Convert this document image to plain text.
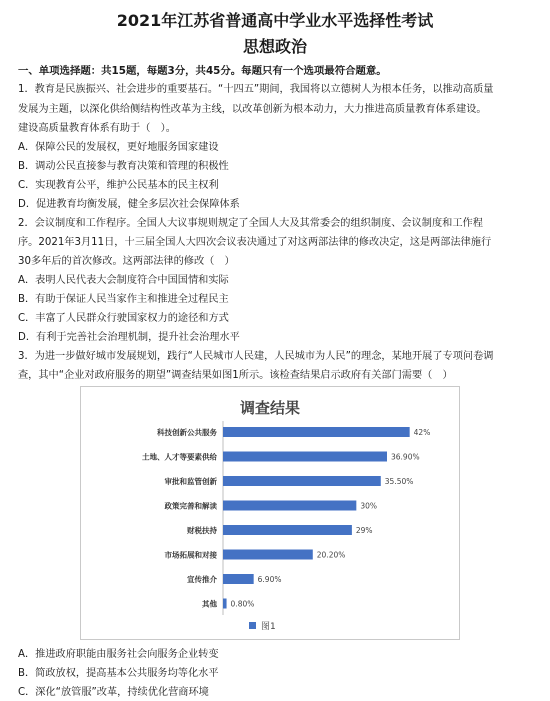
2021年江苏省普通高中学业水平选择性考试
思想政治
一、单项选择题：共15题，每题3分，共45分。每题只有一个选项最符合题意。
1．教育是民族振兴、社会进步的重要基石。“十四五”期间，我国将以立德树人为根本任务，以推动高质量
发展为主题，以深化供给侧结构性改革为主线，以改革创新为根本动力，大力推进高质量教育体系建设。
建设高质量教育体系有助于（　）。
A．保障公民的发展权，更好地服务国家建设
B．调动公民直接参与教育决策和管理的积极性
C．实现教育公平，维护公民基本的民主权利
D．促进教育均衡发展，健全多层次社会保障体系
2．会议制度和工作程序。全国人大议事规则规定了全国人大及其常委会的组织制度、会议制度和工作程
序。2021年3月11日，十三届全国人大四次会议表决通过了对这两部法律的修改决定，这是两部法律施行
30多年后的首次修改。这两部法律的修改（　）
A．表明人民代表大会制度符合中国国情和实际
B．有助于保证人民当家作主和推进全过程民主
C．丰富了人民群众行驶国家权力的途径和方式
D．有利于完善社会治理机制，提升社会治理水平
3．为进一步做好城市发展规划，践行“人民城市人民建，人民城市为人民”的理念，某地开展了专项问卷调
查，其中“企业对政府服务的期望”调查结果如图1所示。该检查结果启示政府有关部门需要（　）
调查结果
科技创新公共服务	42%
土地、人才等要素供给	36.90%
审批和监管创新	35.50%
政策完善和解读	30%
财税扶持	29%
市场拓展和对接	20.20%
宣传推介	6.90%
其他 0.80%
图1
A．推进政府职能由服务社会向服务企业转变
B．简政放权，提高基本公共服务均等化水平
C．深化“放管服”改革，持续优化营商环境
